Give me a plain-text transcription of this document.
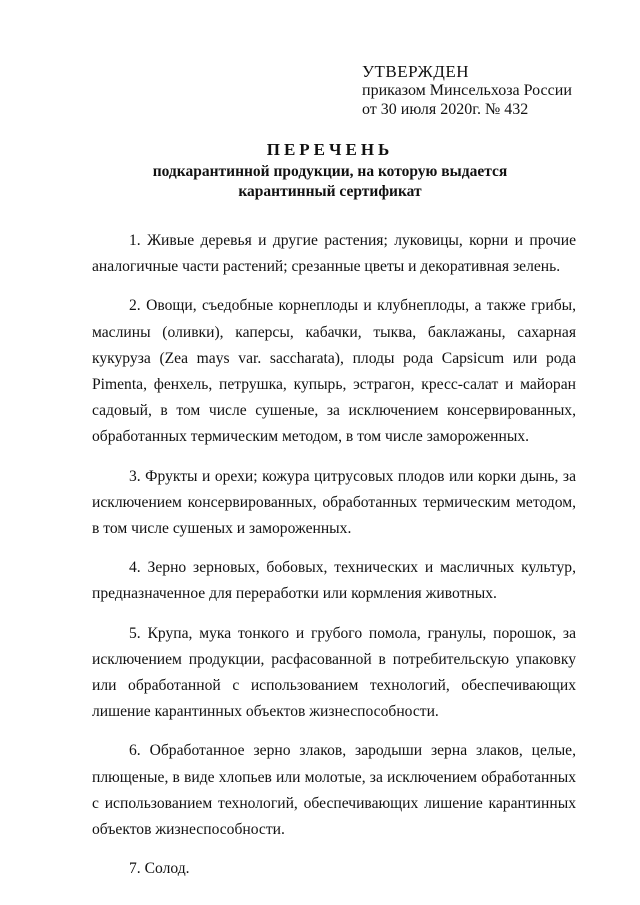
УТВЕРЖДЕН
приказом Минсельхоза России
от 30 июля 2020г. № 432
ПЕРЕЧЕНЬ
подкарантинной продукции, на которую выдается
карантинный сертификат

1. Живые деревья и другие растения; луковицы, корни и прочие аналогичные части растений; срезанные цветы и декоративная зелень.

2. Овощи, съедобные корнеплоды и клубнеплоды, а также грибы, маслины (оливки), каперсы, кабачки, тыква, баклажаны, сахарная кукуруза (Zea mays var. saccharata), плоды рода Capsicum или рода Pimenta, фенхель, петрушка, купырь, эстрагон, кресс-салат и майоран садовый, в том числе сушеные, за исключением консервированных, обработанных термическим методом, в том числе замороженных.

3. Фрукты и орехи; кожура цитрусовых плодов или корки дынь, за исключением консервированных, обработанных термическим методом, в том числе сушеных и замороженных.

4. Зерно зерновых, бобовых, технических и масличных культур, предназначенное для переработки или кормления животных.

5. Крупа, мука тонкого и грубого помола, гранулы, порошок, за исключением продукции, расфасованной в потребительскую упаковку или обработанной с использованием технологий, обеспечивающих лишение карантинных объектов жизнеспособности.

6. Обработанное зерно злаков, зародыши зерна злаков, целые, плющеные, в виде хлопьев или молотые, за исключением обработанных с использованием технологий, обеспечивающих лишение карантинных объектов жизнеспособности.

7. Солод.
